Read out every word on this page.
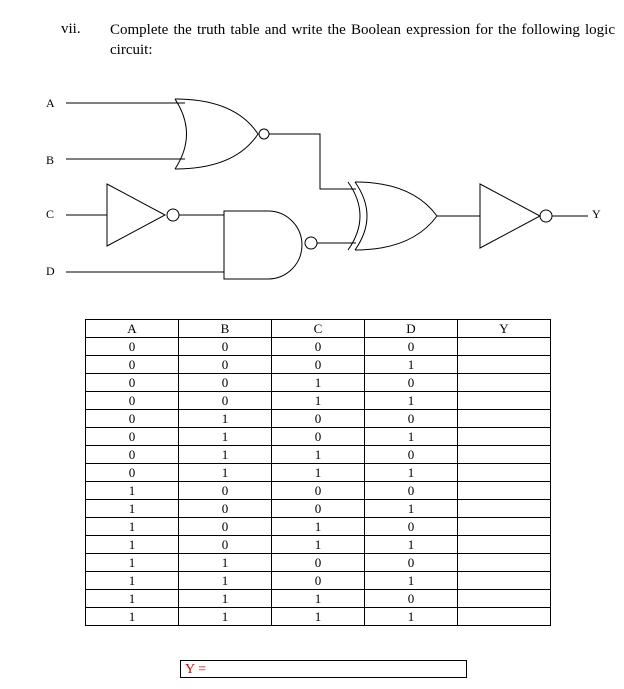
vii. Complete the truth table and write the Boolean expression for the following logic circuit:
A
B
C
D
Y
A	B	C	D	Y
0	0	0	0	
0	0	0	1	
0	0	1	0	
0	0	1	1	
0	1	0	0	
0	1	0	1	
0	1	1	0	
0	1	1	1	
1	0	0	0	
1	0	0	1	
1	0	1	0	
1	0	1	1	
1	1	0	0	
1	1	0	1	
1	1	1	0	
1	1	1	1	
Y =
